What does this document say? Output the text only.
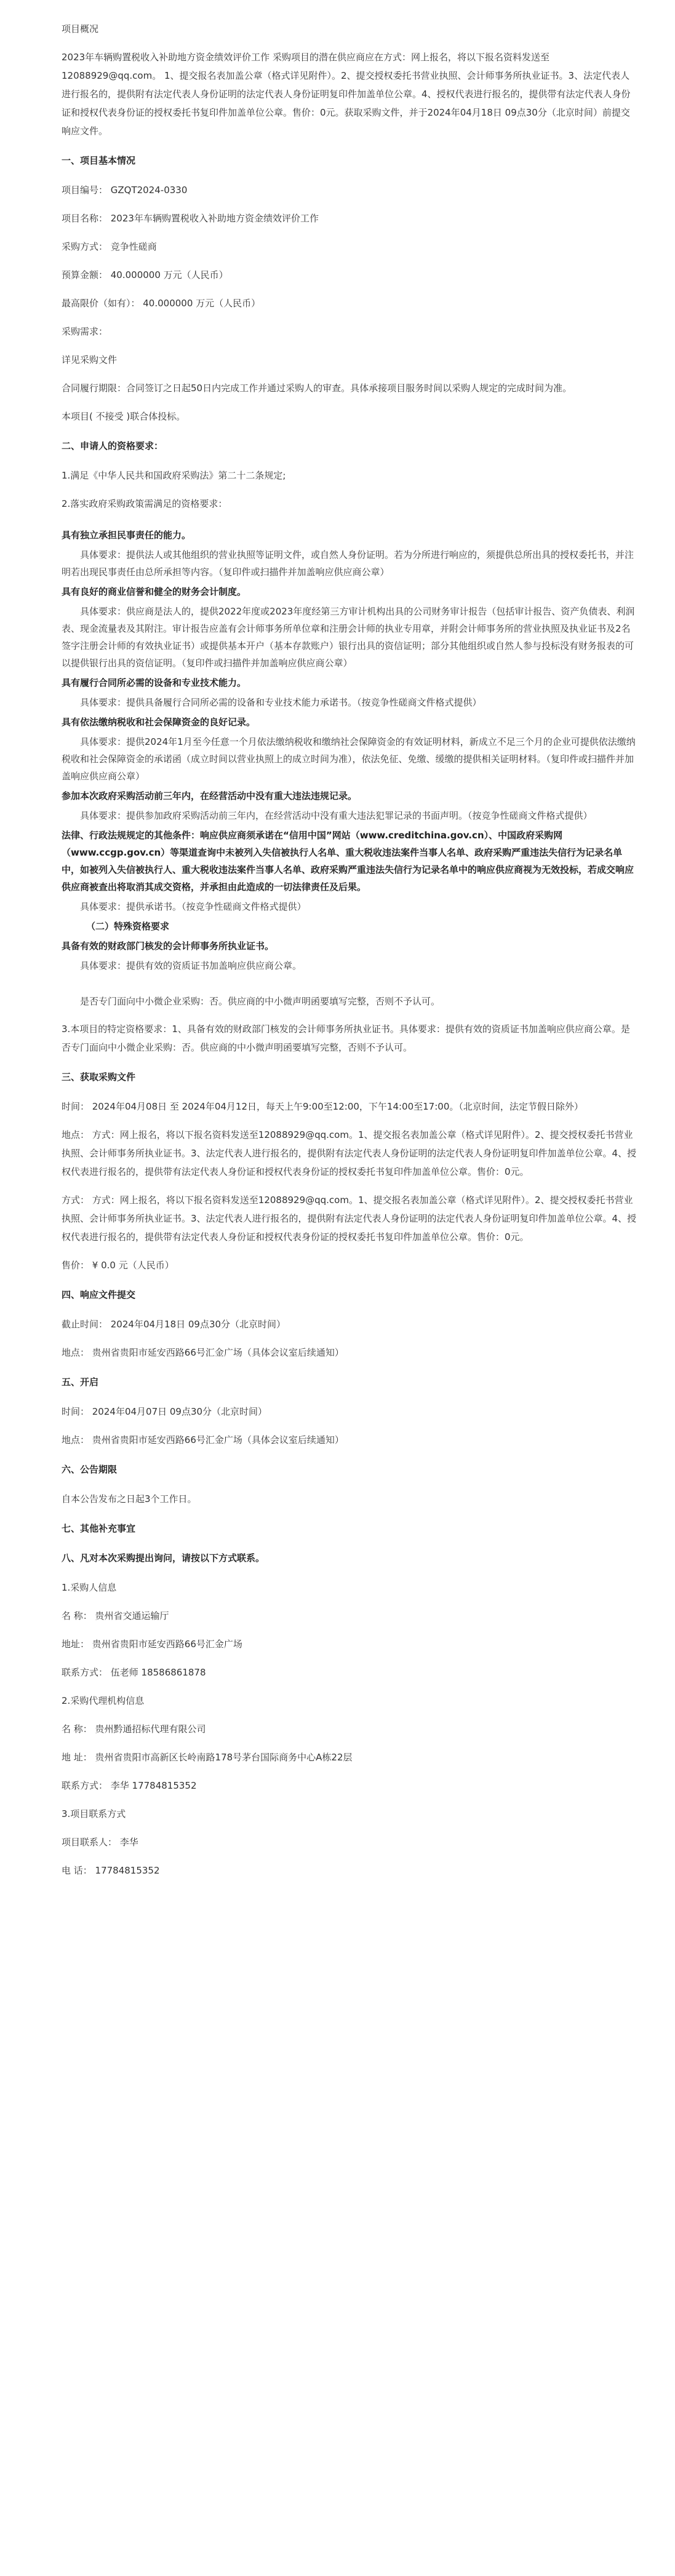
项目概况

2023年车辆购置税收入补助地方资金绩效评价工作 采购项目的潜在供应商应在方式：网上报名，将以下报名资料发送至12088929@qq.com。 1、提交报名表加盖公章（格式详见附件）。2、提交授权委托书营业执照、会计师事务所执业证书。3、法定代表人进行报名的，提供附有法定代表人身份证明的法定代表人身份证明复印件加盖单位公章。4、授权代表进行报名的，提供带有法定代表人身份证和授权代表身份证的授权委托书复印件加盖单位公章。售价：0元。获取采购文件，并于2024年04月18日 09点30分（北京时间）前提交响应文件。

一、项目基本情况

项目编号： GZQT2024-0330

项目名称： 2023年车辆购置税收入补助地方资金绩效评价工作

采购方式： 竞争性磋商

预算金额： 40.000000 万元（人民币）

最高限价（如有）： 40.000000 万元（人民币）

采购需求：

详见采购文件

合同履行期限：合同签订之日起50日内完成工作并通过采购人的审查。具体承接项目服务时间以采购人规定的完成时间为准。

本项目( 不接受 )联合体投标。

二、申请人的资格要求：

1.满足《中华人民共和国政府采购法》第二十二条规定;

2.落实政府采购政策需满足的资格要求：

具有独立承担民事责任的能力。

具体要求：提供法人或其他组织的营业执照等证明文件，或自然人身份证明。若为分所进行响应的，须提供总所出具的授权委托书，并注明若出现民事责任由总所承担等内容。（复印件或扫描件并加盖响应供应商公章）

具有良好的商业信誉和健全的财务会计制度。

具体要求：供应商是法人的，提供2022年度或2023年度经第三方审计机构出具的公司财务审计报告（包括审计报告、资产负债表、利润表、现金流量表及其附注。审计报告应盖有会计师事务所单位章和注册会计师的执业专用章，并附会计师事务所的营业执照及执业证书及2名签字注册会计师的有效执业证书）或提供基本开户（基本存款账户）银行出具的资信证明；部分其他组织或自然人参与投标没有财务报表的可以提供银行出具的资信证明。（复印件或扫描件并加盖响应供应商公章）

具有履行合同所必需的设备和专业技术能力。

具体要求：提供具备履行合同所必需的设备和专业技术能力承诺书。（按竞争性磋商文件格式提供）

具有依法缴纳税收和社会保障资金的良好记录。

具体要求：提供2024年1月至今任意一个月依法缴纳税收和缴纳社会保障资金的有效证明材料，新成立不足三个月的企业可提供依法缴纳税收和社会保障资金的承诺函（成立时间以营业执照上的成立时间为准），依法免征、免缴、缓缴的提供相关证明材料。（复印件或扫描件并加盖响应供应商公章）

参加本次政府采购活动前三年内，在经营活动中没有重大违法违规记录。

具体要求：提供参加政府采购活动前三年内，在经营活动中没有重大违法犯罪记录的书面声明。（按竞争性磋商文件格式提供）

法律、行政法规规定的其他条件：响应供应商须承诺在“信用中国”网站（www.creditchina.gov.cn）、中国政府采购网（www.ccgp.gov.cn）等渠道查询中未被列入失信被执行人名单、重大税收违法案件当事人名单、政府采购严重违法失信行为记录名单中，如被列入失信被执行人、重大税收违法案件当事人名单、政府采购严重违法失信行为记录名单中的响应供应商视为无效投标，若成交响应供应商被查出将取消其成交资格，并承担由此造成的一切法律责任及后果。

具体要求：提供承诺书。（按竞争性磋商文件格式提供）

（二）特殊资格要求

具备有效的财政部门核发的会计师事务所执业证书。

具体要求：提供有效的资质证书加盖响应供应商公章。

是否专门面向中小微企业采购：否。供应商的中小微声明函要填写完整，否则不予认可。

3.本项目的特定资格要求：1、具备有效的财政部门核发的会计师事务所执业证书。具体要求：提供有效的资质证书加盖响应供应商公章。是否专门面向中小微企业采购：否。供应商的中小微声明函要填写完整，否则不予认可。

三、获取采购文件

时间： 2024年04月08日 至 2024年04月12日，每天上午9:00至12:00，下午14:00至17:00。（北京时间，法定节假日除外）

地点： 方式：网上报名，将以下报名资料发送至12088929@qq.com。1、提交报名表加盖公章（格式详见附件）。2、提交授权委托书营业执照、会计师事务所执业证书。3、法定代表人进行报名的，提供附有法定代表人身份证明的法定代表人身份证明复印件加盖单位公章。4、授权代表进行报名的，提供带有法定代表人身份证和授权代表身份证的授权委托书复印件加盖单位公章。售价：0元。

方式： 方式：网上报名，将以下报名资料发送至12088929@qq.com。1、提交报名表加盖公章（格式详见附件）。2、提交授权委托书营业执照、会计师事务所执业证书。3、法定代表人进行报名的，提供附有法定代表人身份证明的法定代表人身份证明复印件加盖单位公章。4、授权代表进行报名的，提供带有法定代表人身份证和授权代表身份证的授权委托书复印件加盖单位公章。售价：0元。

售价： ¥ 0.0 元（人民币）

四、响应文件提交

截止时间： 2024年04月18日 09点30分（北京时间）

地点： 贵州省贵阳市延安西路66号汇金广场（具体会议室后续通知）

五、开启

时间： 2024年04月07日 09点30分（北京时间）

地点： 贵州省贵阳市延安西路66号汇金广场（具体会议室后续通知）

六、公告期限

自本公告发布之日起3个工作日。

七、其他补充事宜

八、凡对本次采购提出询问，请按以下方式联系。

1.采购人信息

名 称： 贵州省交通运输厅

地址： 贵州省贵阳市延安西路66号汇金广场

联系方式： 伍老师 18586861878

2.采购代理机构信息

名 称： 贵州黔通招标代理有限公司

地 址： 贵州省贵阳市高新区长岭南路178号茅台国际商务中心A栋22层

联系方式： 李华 17784815352

3.项目联系方式

项目联系人： 李华

电 话： 17784815352
